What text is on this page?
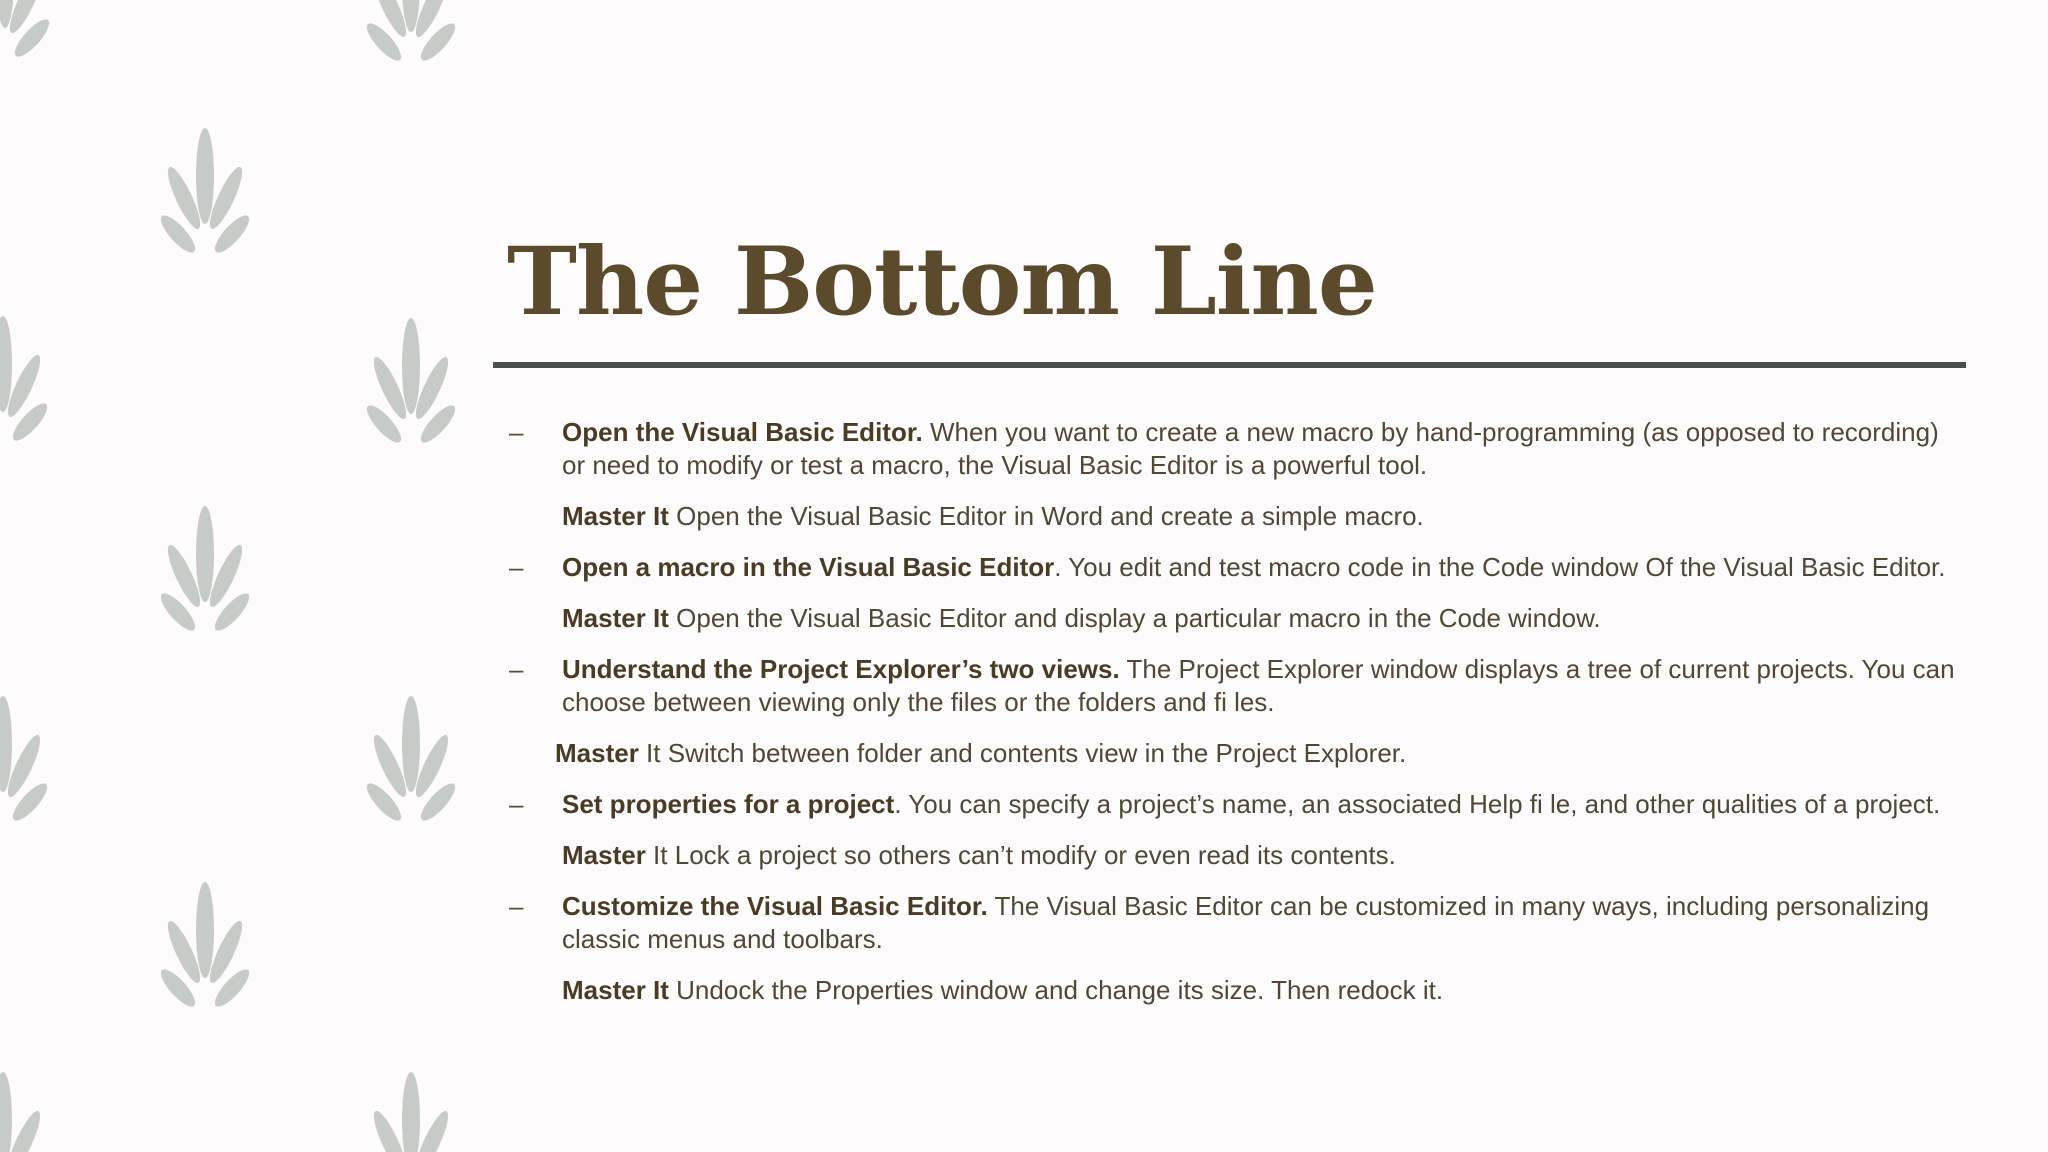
The Bottom Line
–	Open the Visual Basic Editor. When you want to create a new macro by hand-programming (as opposed to recording) or need to modify or test a macro, the Visual Basic Editor is a powerful tool.
Master It Open the Visual Basic Editor in Word and create a simple macro.
–	Open a macro in the Visual Basic Editor. You edit and test macro code in the Code window Of the Visual Basic Editor.
Master It Open the Visual Basic Editor and display a particular macro in the Code window.
–	Understand the Project Explorer’s two views. The Project Explorer window displays a tree of current projects. You can choose between viewing only the files or the folders and fi les.
Master It Switch between folder and contents view in the Project Explorer.
–	Set properties for a project. You can specify a project’s name, an associated Help fi le, and other qualities of a project.
Master It Lock a project so others can’t modify or even read its contents.
–	Customize the Visual Basic Editor. The Visual Basic Editor can be customized in many ways, including personalizing classic menus and toolbars.
Master It Undock the Properties window and change its size. Then redock it.
